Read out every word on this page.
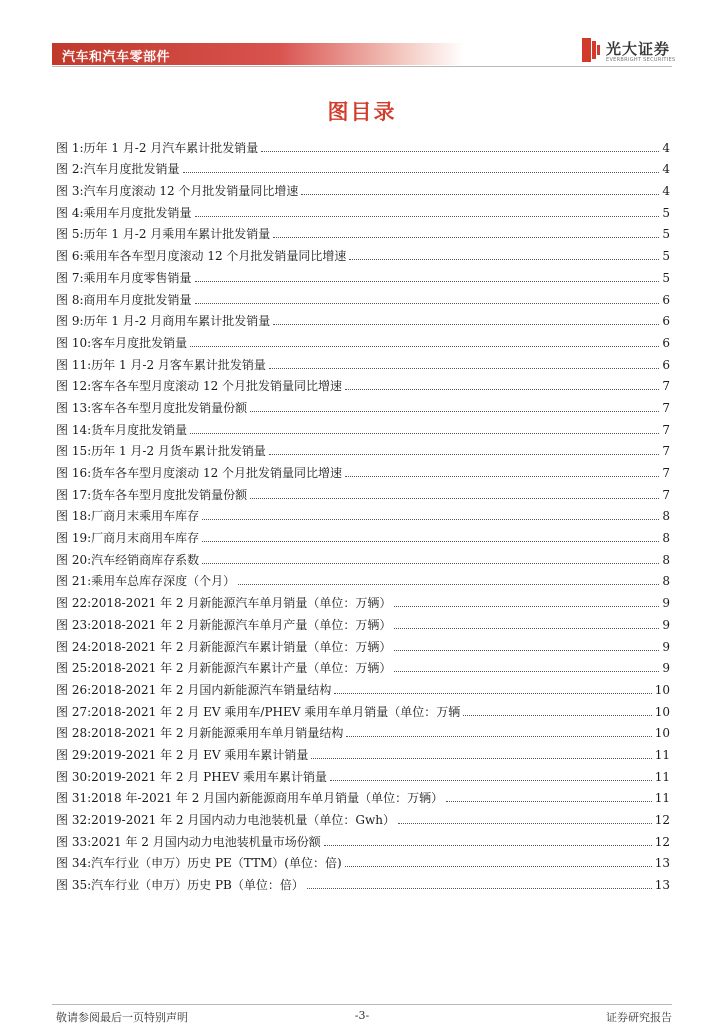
汽车和汽车零部件	光大证券
EVERBRIGHT SECURITIES
图目录
图 1: 历年 1 月-2 月汽车累计批发销量	4
图 2: 汽车月度批发销量	4
图 3: 汽车月度滚动 12 个月批发销量同比增速	4
图 4: 乘用车月度批发销量	5
图 5: 历年 1 月-2 月乘用车累计批发销量	5
图 6: 乘用车各车型月度滚动 12 个月批发销量同比增速	5
图 7: 乘用车月度零售销量	5
图 8: 商用车月度批发销量	6
图 9: 历年 1 月-2 月商用车累计批发销量	6
图 10: 客车月度批发销量	6
图 11: 历年 1 月-2 月客车累计批发销量	6
图 12: 客车各车型月度滚动 12 个月批发销量同比增速	7
图 13: 客车各车型月度批发销量份额	7
图 14: 货车月度批发销量	7
图 15: 历年 1 月-2 月货车累计批发销量	7
图 16: 货车各车型月度滚动 12 个月批发销量同比增速	7
图 17: 货车各车型月度批发销量份额	7
图 18: 厂商月末乘用车库存	8
图 19: 厂商月末商用车库存	8
图 20: 汽车经销商库存系数	8
图 21: 乘用车总库存深度（个月）	8
图 22: 2018-2021 年 2 月新能源汽车单月销量（单位：万辆）	9
图 23: 2018-2021 年 2 月新能源汽车单月产量（单位：万辆）	9
图 24: 2018-2021 年 2 月新能源汽车累计销量（单位：万辆）	9
图 25: 2018-2021 年 2 月新能源汽车累计产量（单位：万辆）	9
图 26: 2018-2021 年 2 月国内新能源汽车销量结构	10
图 27: 2018-2021 年 2 月 EV 乘用车/PHEV 乘用车单月销量（单位：万辆	10
图 28: 2018-2021 年 2 月新能源乘用车单月销量结构	10
图 29: 2019-2021 年 2 月 EV 乘用车累计销量	11
图 30: 2019-2021 年 2 月 PHEV 乘用车累计销量	11
图 31: 2018 年-2021 年 2 月国内新能源商用车单月销量（单位：万辆）	11
图 32: 2019-2021 年 2 月国内动力电池装机量（单位：Gwh）	12
图 33: 2021 年 2 月国内动力电池装机量市场份额	12
图 34: 汽车行业（申万）历史 PE（TTM）(单位：倍)	13
图 35: 汽车行业（申万）历史 PB（单位：倍）	13
敬请参阅最后一页特别声明	-3-	证券研究报告
